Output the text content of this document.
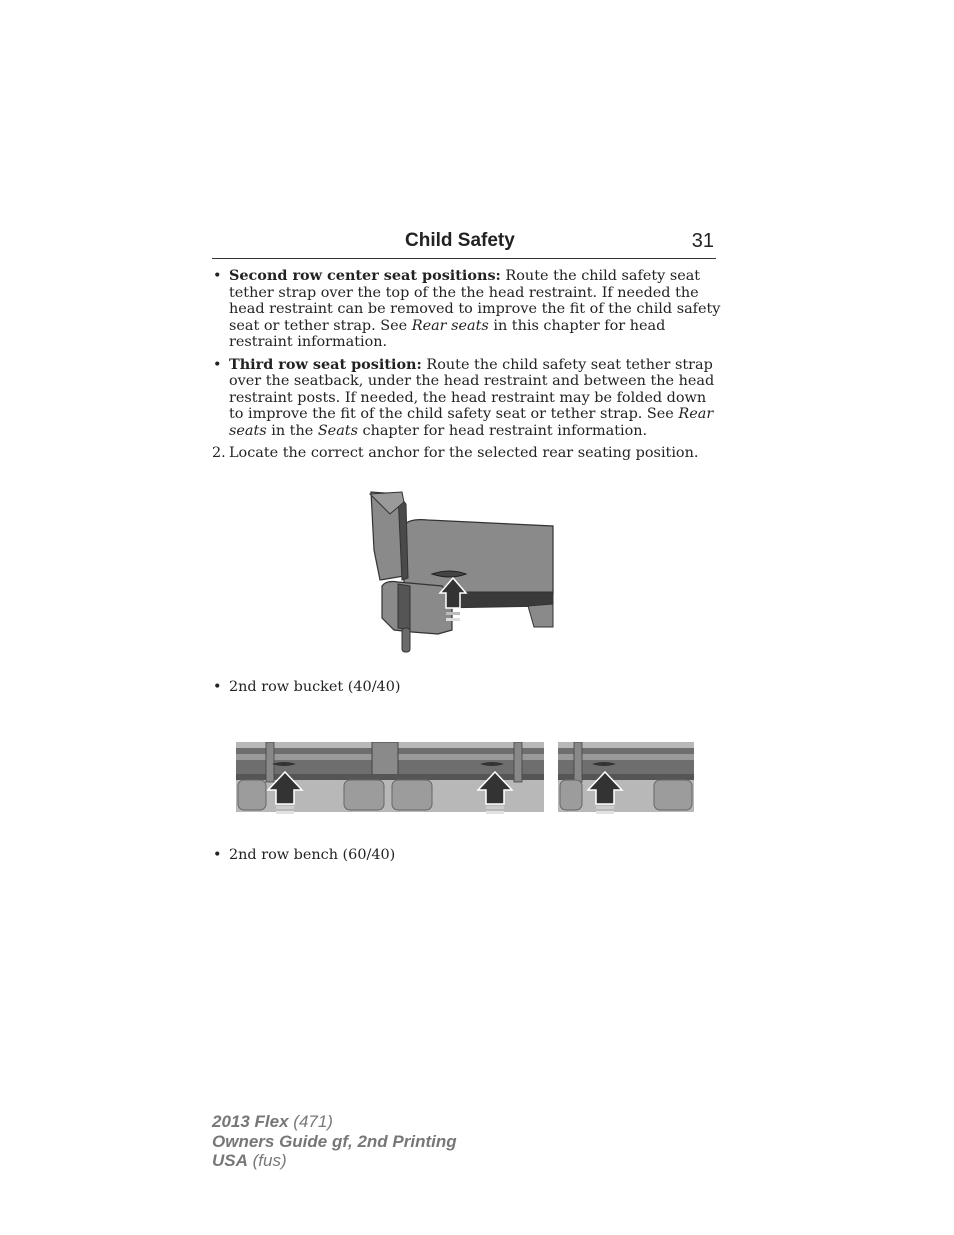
Child Safety	31
• Second row center seat positions: Route the child safety seat tether strap over the top of the the head restraint. If needed the head restraint can be removed to improve the fit of the child safety seat or tether strap. See Rear seats in this chapter for head restraint information.
• Third row seat position: Route the child safety seat tether strap over the seatback, under the head restraint and between the head restraint posts. If needed, the head restraint may be folded down to improve the fit of the child safety seat or tether strap. See Rear seats in the Seats chapter for head restraint information.
2. Locate the correct anchor for the selected rear seating position.
• 2nd row bucket (40/40)
• 2nd row bench (60/40)
2013 Flex (471)
Owners Guide gf, 2nd Printing
USA (fus)
